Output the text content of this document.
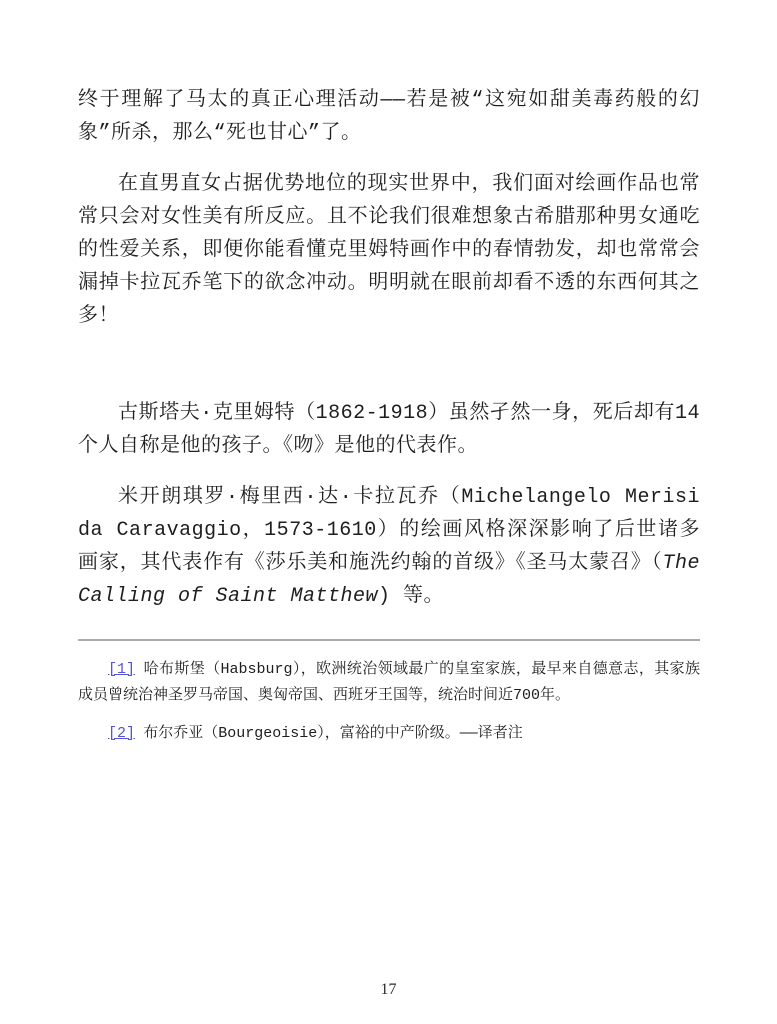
终于理解了马太的真正心理活动——若是被“这宛如甜美毒药般的幻象”所杀，那么“死也甘心”了。

在直男直女占据优势地位的现实世界中，我们面对绘画作品也常常只会对女性美有所反应。且不论我们很难想象古希腊那种男女通吃的性爱关系，即便你能看懂克里姆特画作中的春情勃发，却也常常会漏掉卡拉瓦乔笔下的欲念冲动。明明就在眼前却看不透的东西何其之多！

古斯塔夫·克里姆特（1862-1918）虽然孑然一身，死后却有14个人自称是他的孩子。《吻》是他的代表作。

米开朗琪罗·梅里西·达·卡拉瓦乔（Michelangelo Merisi da Caravaggio，1573-1610）的绘画风格深深影响了后世诸多画家，其代表作有《莎乐美和施洗约翰的首级》《圣马太蒙召》（The Calling of Saint Matthew) 等。

[1] 哈布斯堡（Habsburg），欧洲统治领域最广的皇室家族，最早来自德意志，其家族成员曾统治神圣罗马帝国、奥匈帝国、西班牙王国等，统治时间近700年。

[2] 布尔乔亚（Bourgeoisie），富裕的中产阶级。——译者注

17
